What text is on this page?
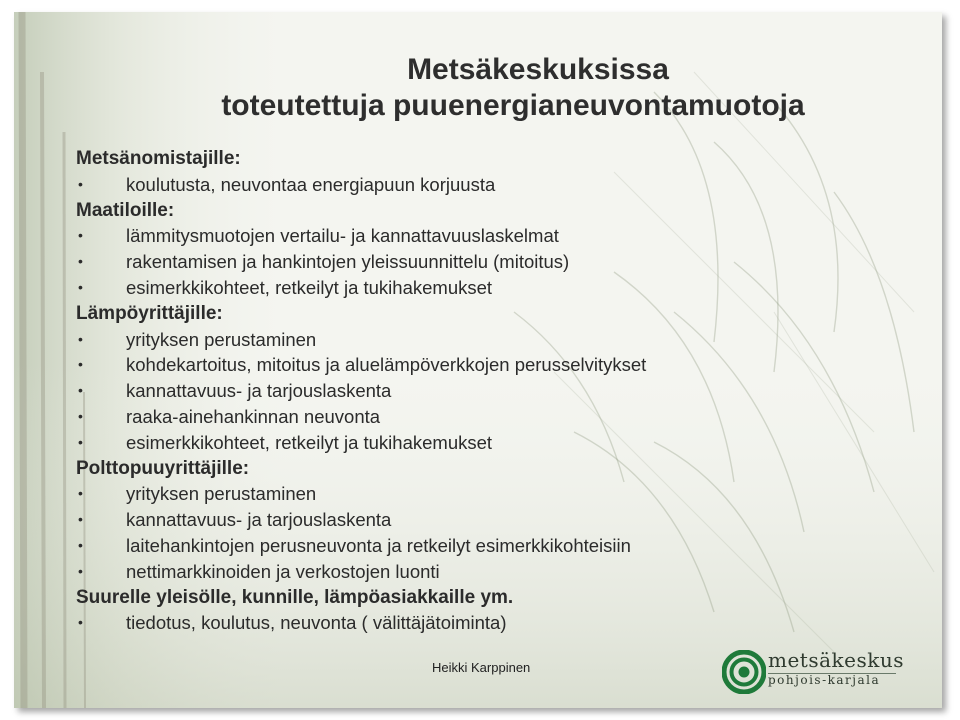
Metsäkeskuksissa
toteutettuja puuenergianeuvontamuotoja
Metsänomistajille:
• koulutusta, neuvontaa energiapuun korjuusta
Maatiloille:
• lämmitysmuotojen vertailu- ja kannattavuuslaskelmat
• rakentamisen ja hankintojen yleissuunnittelu (mitoitus)
• esimerkkikohteet, retkeilyt ja tukihakemukset
Lämpöyrittäjille:
• yrityksen perustaminen
• kohdekartoitus, mitoitus ja aluelämpöverkkojen perusselvitykset
• kannattavuus- ja tarjouslaskenta
• raaka-ainehankinnan neuvonta
• esimerkkikohteet, retkeilyt ja tukihakemukset
Polttopuuyrittäjille:
• yrityksen perustaminen
• kannattavuus- ja tarjouslaskenta
• laitehankintojen perusneuvonta ja retkeilyt esimerkkikohteisiin
• nettimarkkinoiden ja verkostojen luonti
Suurelle yleisölle, kunnille, lämpöasiakkaille ym.
• tiedotus, koulutus, neuvonta ( välittäjätoiminta)
Heikki Karppinen	metsäkeskus
pohjois-karjala
